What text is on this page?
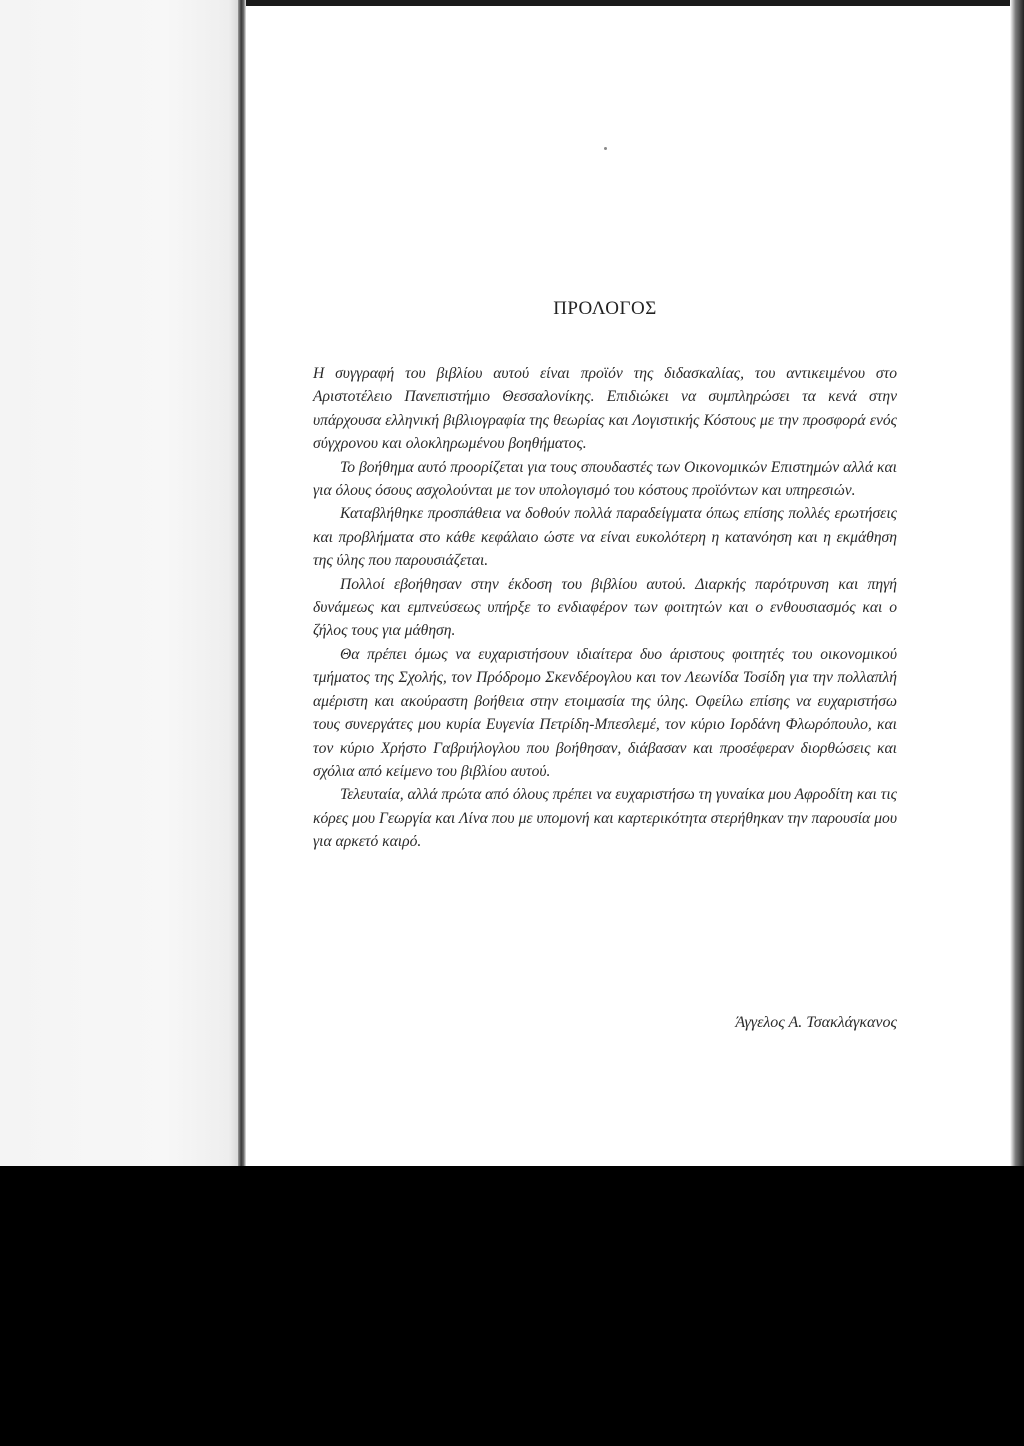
ΠΡΟΛΟΓΟΣ

Η συγγραφή του βιβλίου αυτού είναι προϊόν της διδασκαλίας, του αντικειμένου στο Αριστοτέλειο Πανεπιστήμιο Θεσσαλονίκης. Επιδιώκει να συμπληρώσει τα κενά στην υπάρχουσα ελληνική βιβλιογραφία της θεωρίας και Λογιστικής Κόστους με την προσφορά ενός σύγχρονου και ολοκληρωμένου βοηθήματος.

Το βοήθημα αυτό προορίζεται για τους σπουδαστές των Οικονομικών Επιστημών αλλά και για όλους όσους ασχολούνται με τον υπολογισμό του κόστους προϊόντων και υπηρεσιών.

Καταβλήθηκε προσπάθεια να δοθούν πολλά παραδείγματα όπως επίσης πολλές ερωτήσεις και προβλήματα στο κάθε κεφάλαιο ώστε να είναι ευκολότερη η κατανόηση και η εκμάθηση της ύλης που παρουσιάζεται.

Πολλοί εβοήθησαν στην έκδοση του βιβλίου αυτού. Διαρκής παρότρυνση και πηγή δυνάμεως και εμπνεύσεως υπήρξε το ενδιαφέρον των φοιτητών και ο ενθουσιασμός και ο ζήλος τους για μάθηση.

Θα πρέπει όμως να ευχαριστήσουν ιδιαίτερα δυο άριστους φοιτητές του οικονομικού τμήματος της Σχολής, τον Πρόδρομο Σκενδέρογλου και τον Λεωνίδα Τοσίδη για την πολλαπλή αμέριστη και ακούραστη βοήθεια στην ετοιμασία της ύλης. Οφείλω επίσης να ευχαριστήσω τους συνεργάτες μου κυρία Ευγενία Πετρίδη-Μπεσλεμέ, τον κύριο Ιορδάνη Φλωρόπουλο, και τον κύριο Χρήστο Γαβριήλογλου που βοήθησαν, διάβασαν και προσέφεραν διορθώσεις και σχόλια από κείμενο του βιβλίου αυτού.

Τελευταία, αλλά πρώτα από όλους πρέπει να ευχαριστήσω τη γυναίκα μου Αφροδίτη και τις κόρες μου Γεωργία και Λίνα που με υπομονή και καρτερικότητα στερήθηκαν την παρουσία μου για αρκετό καιρό.

Άγγελος Α. Τσακλάγκανος
